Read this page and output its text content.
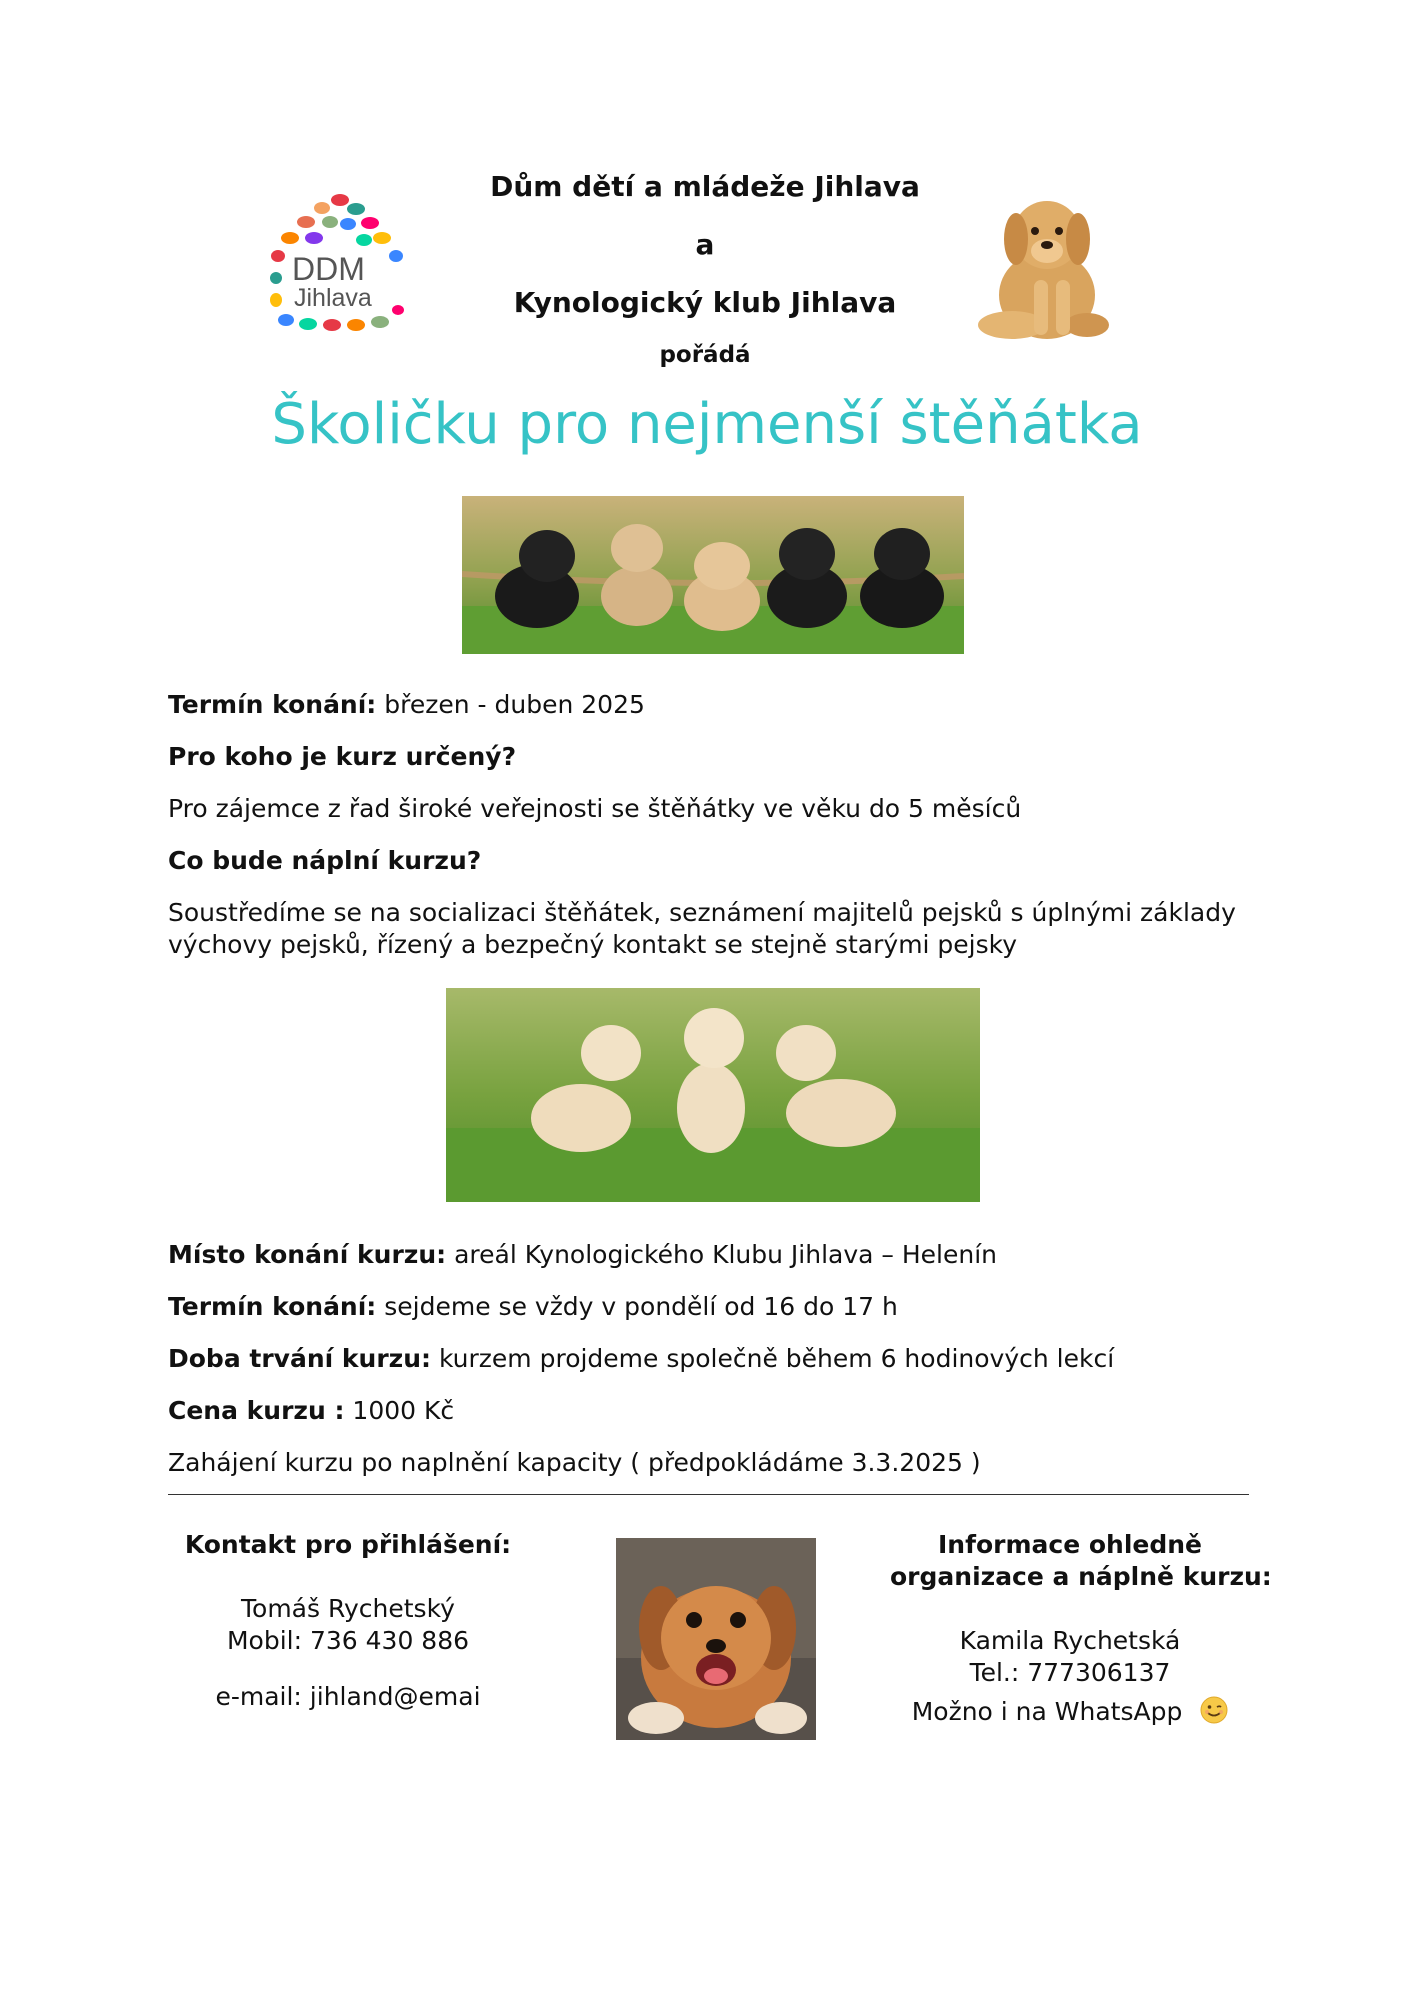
DDM
Jihlava
Dům dětí a mládeže Jihlava
a
Kynologický klub Jihlava
pořádá
Školičku pro nejmenší štěňátka
Termín konání: březen - duben 2025
Pro koho je kurz určený?
Pro zájemce z řad široké veřejnosti se štěňátky ve věku do 5 měsíců
Co bude náplní kurzu?
Soustředíme se na socializaci štěňátek, seznámení majitelů pejsků s úplnými základy
výchovy pejsků, řízený a bezpečný kontakt se stejně starými pejsky
Místo konání kurzu: areál Kynologického Klubu Jihlava – Helenín
Termín konání: sejdeme se vždy v pondělí od 16 do 17 h
Doba trvání kurzu: kurzem projdeme společně během 6 hodinových lekcí
Cena kurzu : 1000 Kč
Zahájení kurzu po naplnění kapacity ( předpokládáme 3.3.2025 )
Kontakt pro přihlášení:
Tomáš Rychetský
Mobil: 736 430 886
e-mail: jihland@emai
Informace ohledně
organizace a náplně kurzu:
Kamila Rychetská
Tel.: 777306137
Možno i na WhatsApp
